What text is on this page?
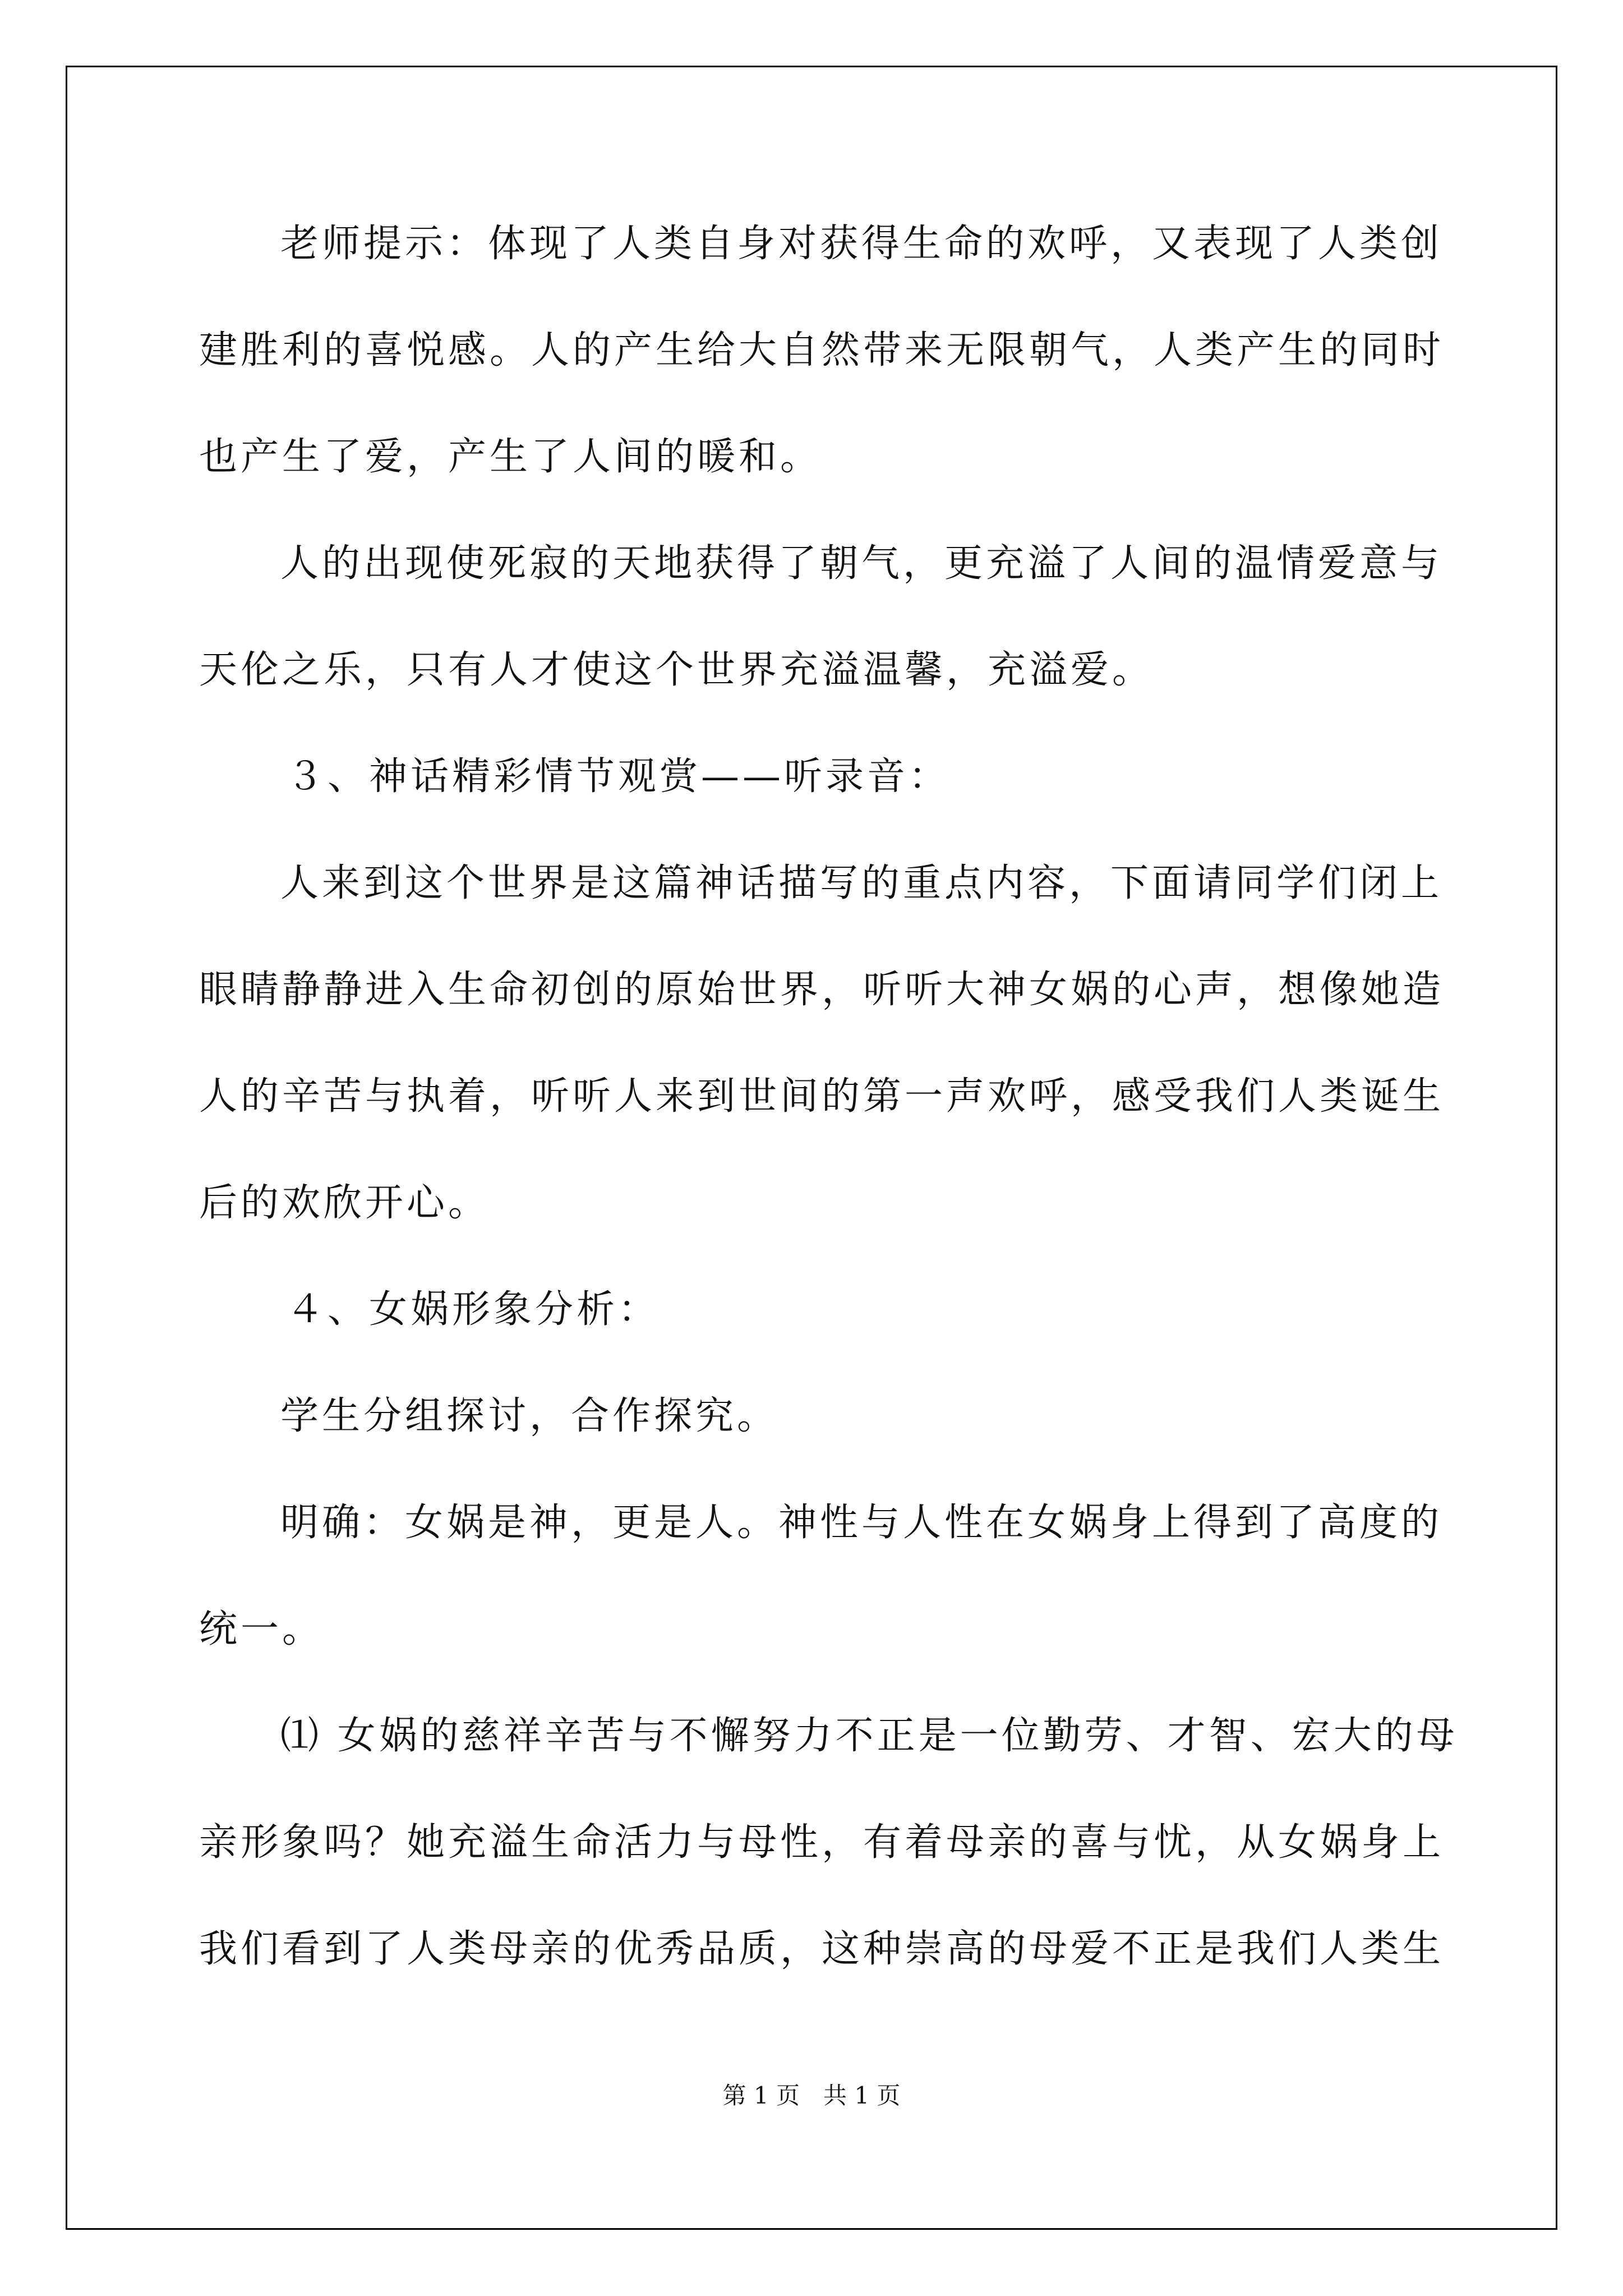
老师提示：体现了人类自身对获得生命的欢呼，又表现了人类创
建胜利的喜悦感。人的产生给大自然带来无限朝气，人类产生的同时
也产生了爱，产生了人间的暖和。
人的出现使死寂的天地获得了朝气，更充溢了人间的温情爱意与
天伦之乐，只有人才使这个世界充溢温馨，充溢爱。
３、神话精彩情节观赏——听录音：
人来到这个世界是这篇神话描写的重点内容，下面请同学们闭上
眼睛静静进入生命初创的原始世界，听听大神女娲的心声，想像她造
人的辛苦与执着，听听人来到世间的第一声欢呼，感受我们人类诞生
后的欢欣开心。
４、女娲形象分析：
学生分组探讨，合作探究。
明确：女娲是神，更是人。神性与人性在女娲身上得到了高度的
统一。
⑴ 女娲的慈祥辛苦与不懈努力不正是一位勤劳、才智、宏大的母
亲形象吗？她充溢生命活力与母性，有着母亲的喜与忧，从女娲身上
我们看到了人类母亲的优秀品质，这种崇高的母爱不正是我们人类生
第 1 页　共 1 页
